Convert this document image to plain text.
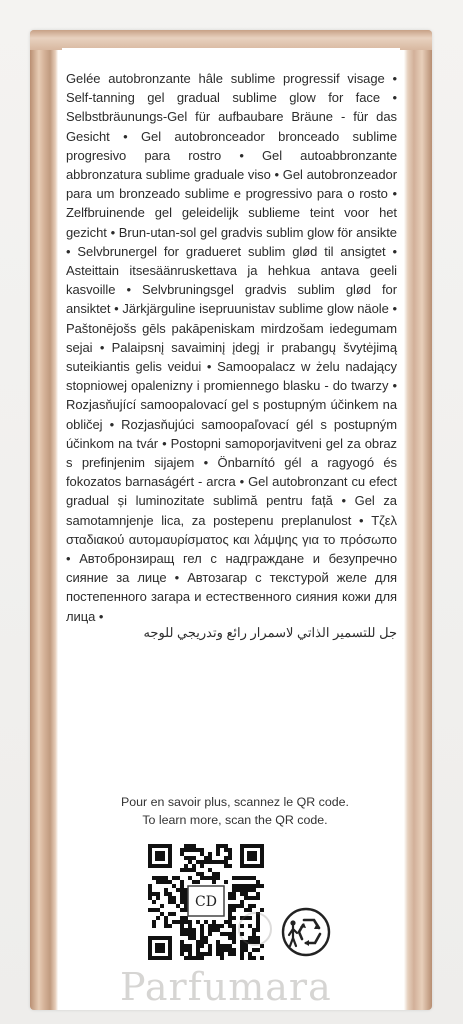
Gelée autobronzante hâle sublime progressif visage • Self-tanning gel gradual sublime glow for face • Selbstbräunungs-Gel für aufbaubare Bräune - für das Gesicht • Gel autobronceador bronceado sublime progresivo para rostro • Gel autoabbronzante abbronzatura sublime graduale viso • Gel autobronzeador para um bronzeado sublime e progressivo para o rosto • Zelfbruinende gel geleidelijk sublieme teint voor het gezicht • Brun-utan-sol gel gradvis sublim glow för ansikte • Selvbrunergel for gradueret sublim glød til ansigtet • Asteittain itsesäänruskettava ja hehkua antava geeli kasvoille • Selvbruningsgel gradvis sublim glød for ansiktet • Järkjärguline isepruunistav sublime glow näole • Paštonējošs gēls pakāpeniskam mirdzošam iedegumam sejai • Palaipsnį savaiminį įdegį ir prabangų švytėjimą suteikiantis gelis veidui • Samoopalacz w żelu nadający stopniowej opalenizny i promiennego blasku - do twarzy • Rozjasňující samoopalovací gel s postupným účinkem na obličej • Rozjasňujúci samoopaľovací gél s postupným účinkom na tvár • Postopni samoporjavitveni gel za obraz s prefinjenim sijajem • Önbarnító gél a ragyogó és fokozatos barnaságért - arcra • Gel autobronzant cu efect gradual și luminozitate sublimă pentru față • Gel za samotamnjenje lica, za postepenu preplanulost • Τζελ σταδιακού αυτομαυρίσματος και λάμψης για το πρόσωπο • Автобронзиращ гел с надграждане и безупречно сияние за лице • Автозагар с текстурой желе для постепенного загара и естественного сияния кожи для лица •

جل للتسمير الذاتي لاسمرار رائع وتدريجي للوجه

Pour en savoir plus, scannez le QR code.
To learn more, scan the QR code.
CD
Parfumara
